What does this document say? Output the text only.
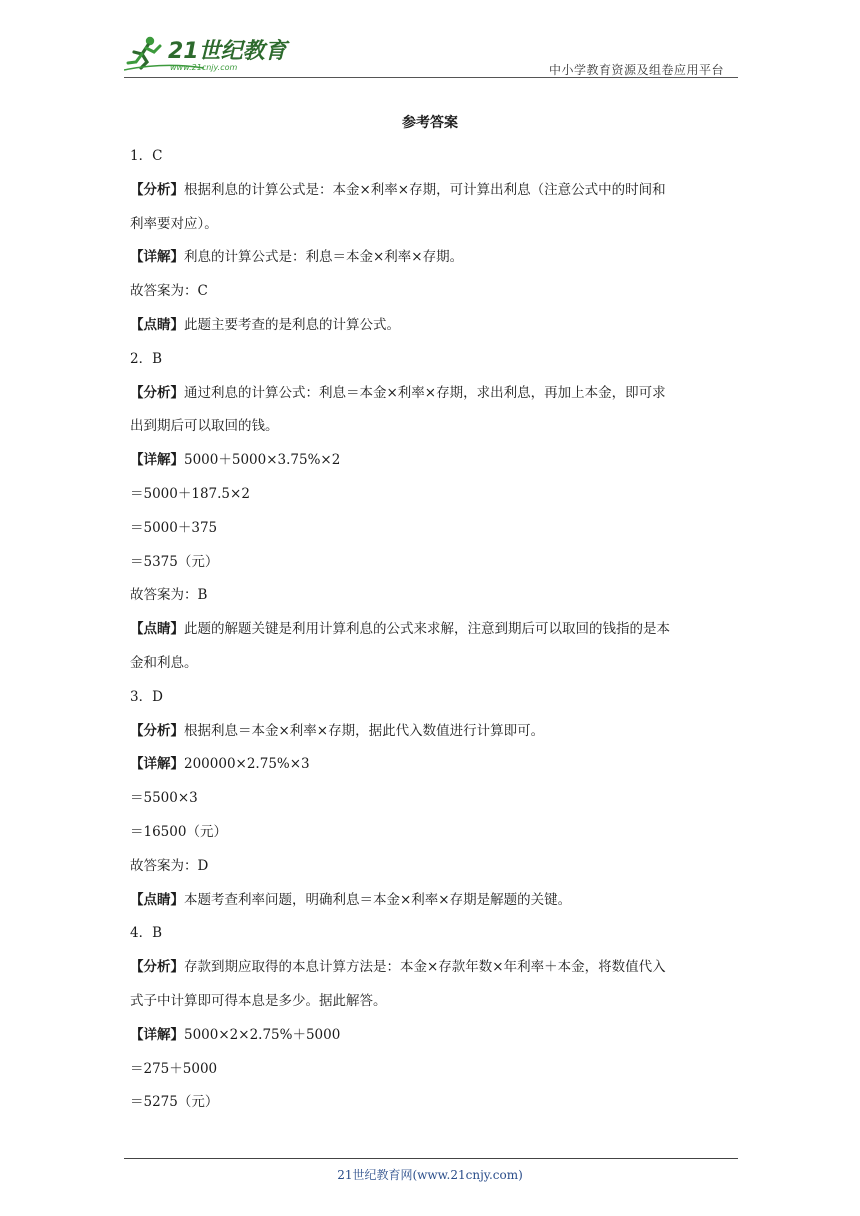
21世纪教育
www.21cnjy.com	中小学教育资源及组卷应用平台
参考答案
1．C
【分析】根据利息的计算公式是：本金×利率×存期，可计算出利息（注意公式中的时间和
利率要对应）。
【详解】利息的计算公式是：利息＝本金×利率×存期。
故答案为：C
【点睛】此题主要考查的是利息的计算公式。
2．B
【分析】通过利息的计算公式：利息＝本金×利率×存期，求出利息，再加上本金，即可求
出到期后可以取回的钱。
【详解】5000＋5000×3.75%×2
＝5000＋187.5×2
＝5000＋375
＝5375（元）
故答案为：B
【点睛】此题的解题关键是利用计算利息的公式来求解，注意到期后可以取回的钱指的是本
金和利息。
3．D
【分析】根据利息＝本金×利率×存期，据此代入数值进行计算即可。
【详解】200000×2.75%×3
＝5500×3
＝16500（元）
故答案为：D
【点睛】本题考查利率问题，明确利息＝本金×利率×存期是解题的关键。
4．B
【分析】存款到期应取得的本息计算方法是：本金×存款年数×年利率＋本金，将数值代入
式子中计算即可得本息是多少。据此解答。
【详解】5000×2×2.75%＋5000
＝275＋5000
＝5275（元）
21世纪教育网(www.21cnjy.com)
